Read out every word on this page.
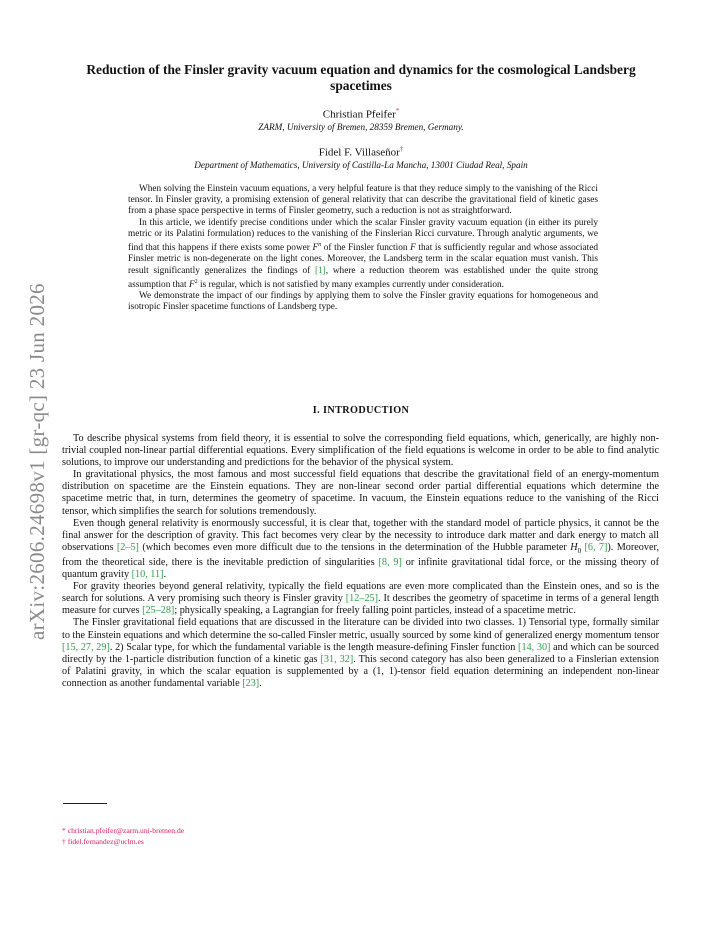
arXiv:2606.24698v1 [gr-qc] 23 Jun 2026
Reduction of the Finsler gravity vacuum equation and dynamics for the cosmological Landsberg spacetimes
Christian Pfeifer*
ZARM, University of Bremen, 28359 Bremen, Germany.
Fidel F. Villaseñor†
Department of Mathematics, University of Castilla-La Mancha, 13001 Ciudad Real, Spain

When solving the Einstein vacuum equations, a very helpful feature is that they reduce simply to the vanishing of the Ricci tensor. In Finsler gravity, a promising extension of general relativity that can describe the gravitational field of kinetic gases from a phase space perspective in terms of Finsler geometry, such a reduction is not as straightforward.

In this article, we identify precise conditions under which the scalar Finsler gravity vacuum equation (in either its purely metric or its Palatini formulation) reduces to the vanishing of the Finslerian Ricci curvature. Through analytic arguments, we find that this happens if there exists some power $F^n$ of the Finsler function F that is sufficiently regular and whose associated Finsler metric is non-degenerate on the light cones. Moreover, the Landsberg term in the scalar equation must vanish. This result significantly generalizes the findings of [1], where a reduction theorem was established under the quite strong assumption that $F^2$ is regular, which is not satisfied by many examples currently under consideration.

We demonstrate the impact of our findings by applying them to solve the Finsler gravity equations for homogeneous and isotropic Finsler spacetime functions of Landsberg type.

I. INTRODUCTION

To describe physical systems from field theory, it is essential to solve the corresponding field equations, which, generically, are highly non-trivial coupled non-linear partial differential equations. Every simplification of the field equations is welcome in order to be able to find analytic solutions, to improve our understanding and predictions for the behavior of the physical system.

In gravitational physics, the most famous and most successful field equations that describe the gravitational field of an energy-momentum distribution on spacetime are the Einstein equations. They are non-linear second order partial differential equations which determine the spacetime metric that, in turn, determines the geometry of spacetime. In vacuum, the Einstein equations reduce to the vanishing of the Ricci tensor, which simplifies the search for solutions tremendously.

Even though general relativity is enormously successful, it is clear that, together with the standard model of particle physics, it cannot be the final answer for the description of gravity. This fact becomes very clear by the necessity to introduce dark matter and dark energy to match all observations [2–5] (which becomes even more difficult due to the tensions in the determination of the Hubble parameter $H_0$ [6, 7]). Moreover, from the theoretical side, there is the inevitable prediction of singularities [8, 9] or infinite gravitational tidal force, or the missing theory of quantum gravity [10, 11].

For gravity theories beyond general relativity, typically the field equations are even more complicated than the Einstein ones, and so is the search for solutions. A very promising such theory is Finsler gravity [12–25]. It describes the geometry of spacetime in terms of a general length measure for curves [25–28]; physically speaking, a Lagrangian for freely falling point particles, instead of a spacetime metric.

The Finsler gravitational field equations that are discussed in the literature can be divided into two classes. 1) Tensorial type, formally similar to the Einstein equations and which determine the so-called Finsler metric, usually sourced by some kind of generalized energy momentum tensor [15, 27, 29]. 2) Scalar type, for which the fundamental variable is the length measure-defining Finsler function [14, 30] and which can be sourced directly by the 1-particle distribution function of a kinetic gas [31, 32]. This second category has also been generalized to a Finslerian extension of Palatini gravity, in which the scalar equation is supplemented by a (1, 1)-tensor field equation determining an independent non-linear connection as another fundamental variable [23].

* christian.pfeifer@zarm.uni-bremen.de
† fidel.fernandez@uclm.es
